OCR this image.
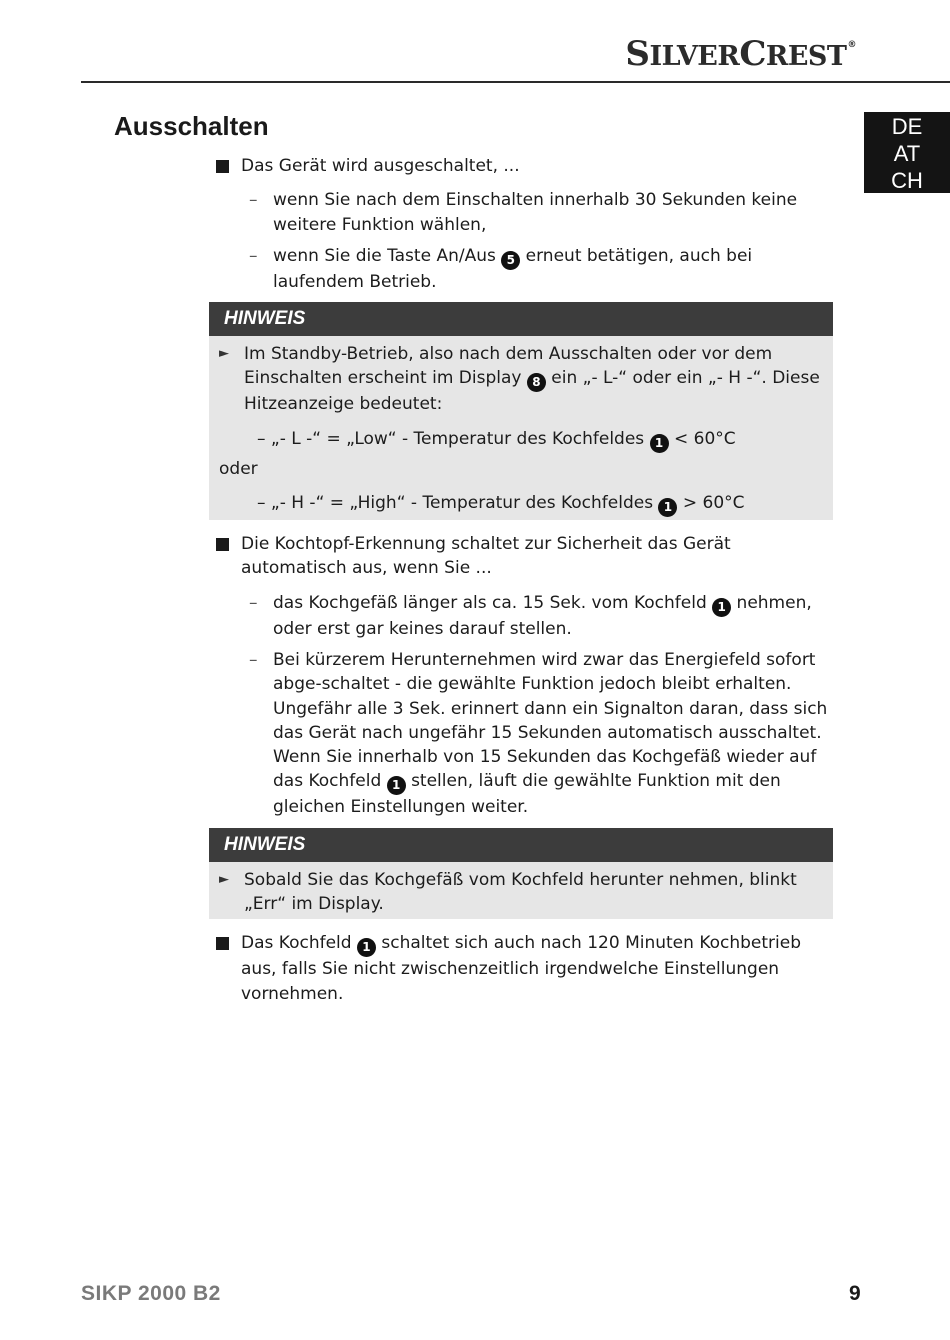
SILVERCREST®
DE
AT
CH
Ausschalten
Das Gerät wird ausgeschaltet, ...
– wenn Sie nach dem Einschalten innerhalb 30 Sekunden keine weitere Funktion wählen,
– wenn Sie die Taste An/Aus 5 erneut betätigen, auch bei laufendem Betrieb.
HINWEIS
► Im Standby-Betrieb, also nach dem Ausschalten oder vor dem Einschalten erscheint im Display 8 ein „- L-“ oder ein „- H -“. Diese Hitzeanzeige bedeutet:
– „- L -“ = „Low“ - Temperatur des Kochfeldes 1 < 60°C
oder
– „- H -“ = „High“ - Temperatur des Kochfeldes 1 > 60°C
Die Kochtopf-Erkennung schaltet zur Sicherheit das Gerät automatisch aus, wenn Sie ...
– das Kochgefäß länger als ca. 15 Sek. vom Kochfeld 1 nehmen, oder erst gar keines darauf stellen.
– Bei kürzerem Herunternehmen wird zwar das Energiefeld sofort abge-schaltet - die gewählte Funktion jedoch bleibt erhalten. Ungefähr alle 3 Sek. erinnert dann ein Signalton daran, dass sich das Gerät nach ungefähr 15 Sekunden automatisch ausschaltet. Wenn Sie innerhalb von 15 Sekunden das Kochgefäß wieder auf das Kochfeld 1 stellen, läuft die gewählte Funktion mit den gleichen Einstellungen weiter.
HINWEIS
► Sobald Sie das Kochgefäß vom Kochfeld herunter nehmen, blinkt „Err“ im Display.
Das Kochfeld 1 schaltet sich auch nach 120 Minuten Kochbetrieb aus, falls Sie nicht zwischenzeitlich irgendwelche Einstellungen vornehmen.
SIKP 2000 B2	9
